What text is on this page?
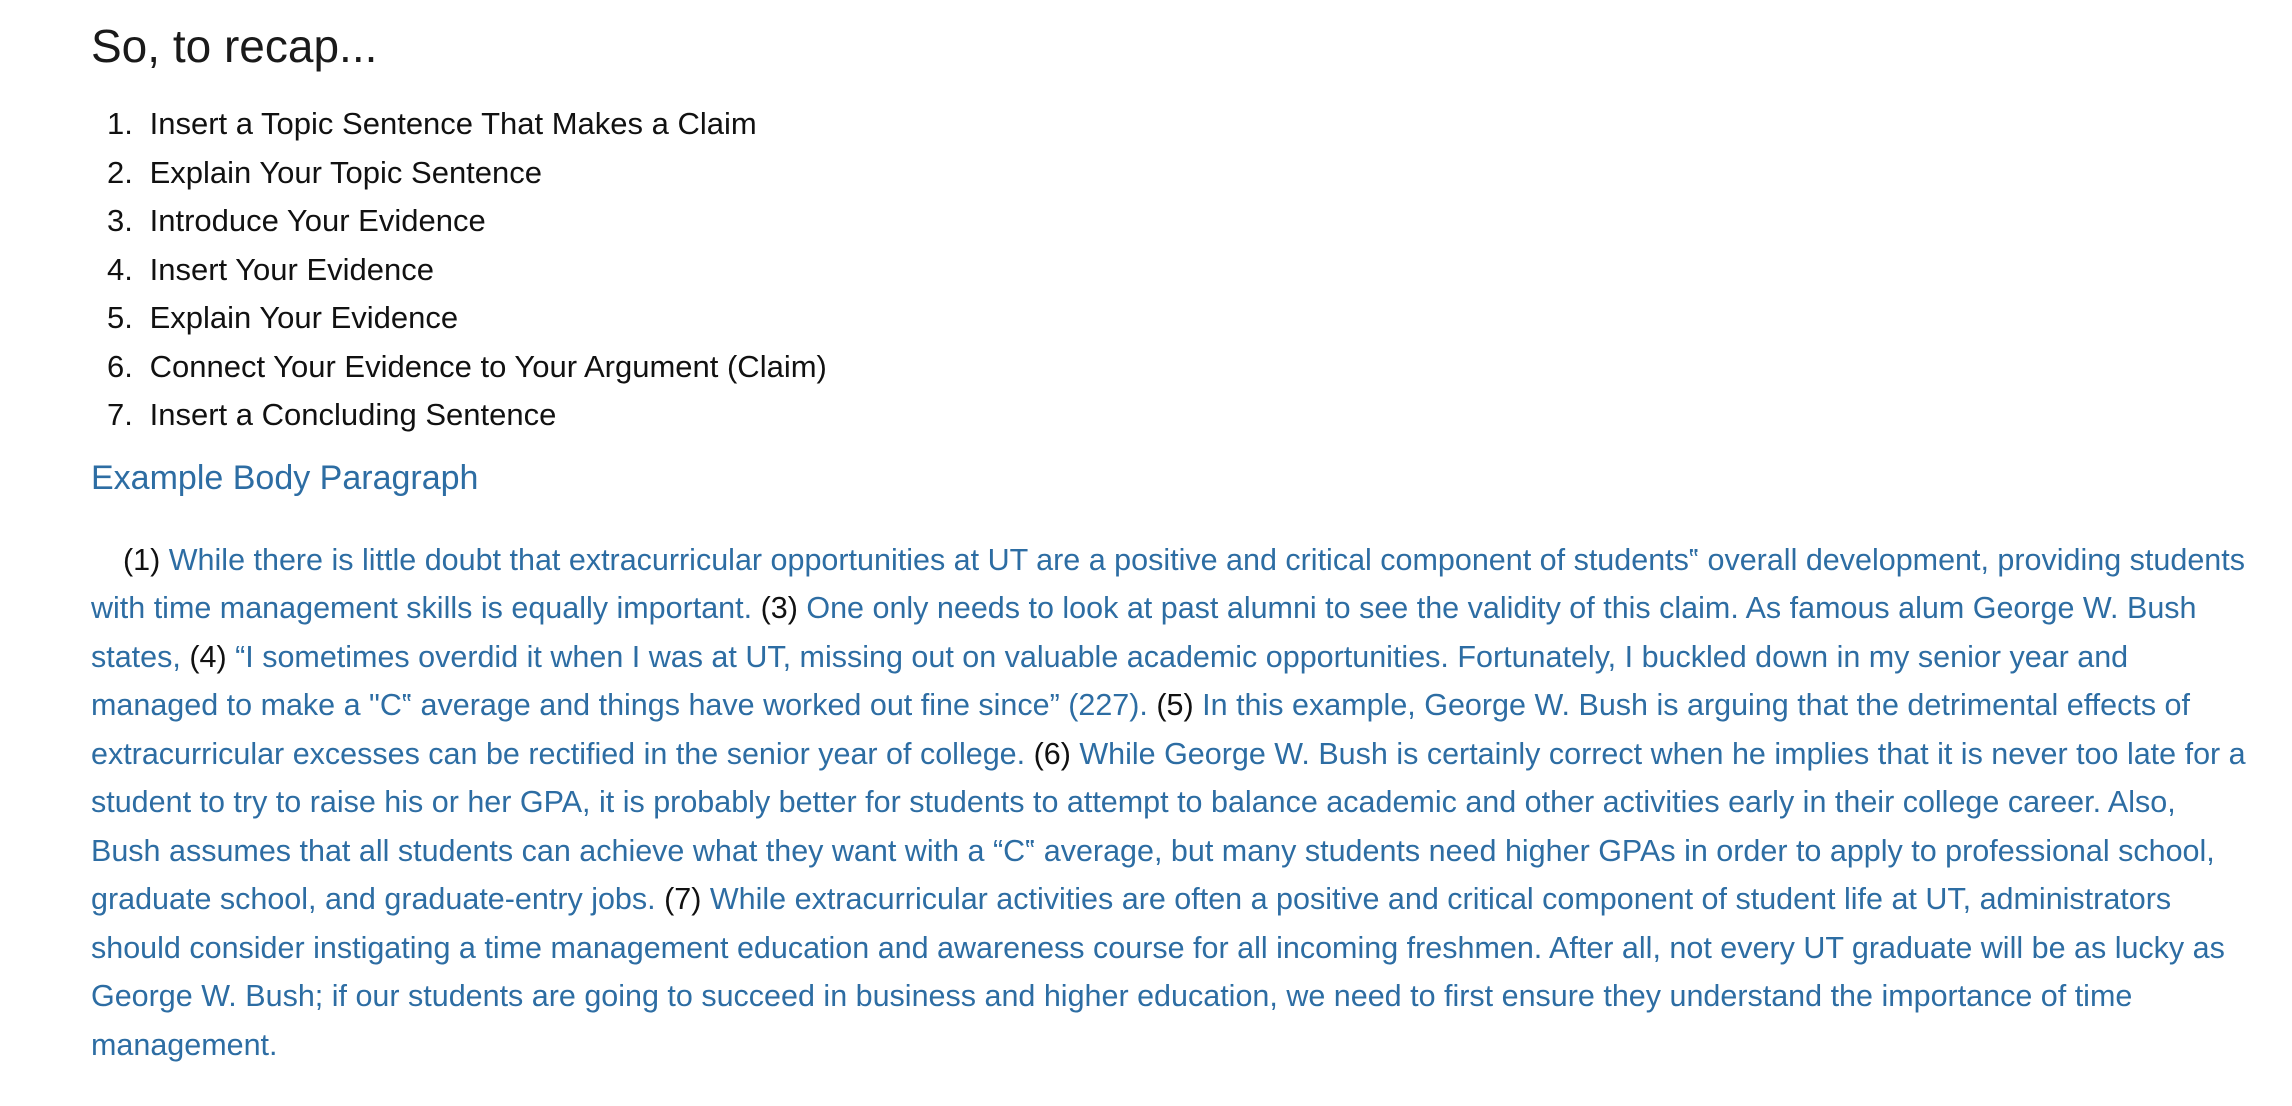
So, to recap...
1. Insert a Topic Sentence That Makes a Claim
2. Explain Your Topic Sentence
3. Introduce Your Evidence
4. Insert Your Evidence
5. Explain Your Evidence
6. Connect Your Evidence to Your Argument (Claim)
7. Insert a Concluding Sentence
Example Body Paragraph

(1) While there is little doubt that extracurricular opportunities at UT are a positive and critical component of students‟ overall development, providing students with time management skills is equally important. (3) One only needs to look at past alumni to see the validity of this claim. As famous alum George W. Bush states, (4) “I sometimes overdid it when I was at UT, missing out on valuable academic opportunities. Fortunately, I buckled down in my senior year and managed to make a "C‟ average and things have worked out fine since” (227). (5) In this example, George W. Bush is arguing that the detrimental effects of extracurricular excesses can be rectified in the senior year of college. (6) While George W. Bush is certainly correct when he implies that it is never too late for a student to try to raise his or her GPA, it is probably better for students to attempt to balance academic and other activities early in their college career. Also, Bush assumes that all students can achieve what they want with a “C‟ average, but many students need higher GPAs in order to apply to professional school, graduate school, and graduate-entry jobs. (7) While extracurricular activities are often a positive and critical component of student life at UT, administrators should consider instigating a time management education and awareness course for all incoming freshmen. After all, not every UT graduate will be as lucky as George W. Bush; if our students are going to succeed in business and higher education, we need to first ensure they understand the importance of time management.
